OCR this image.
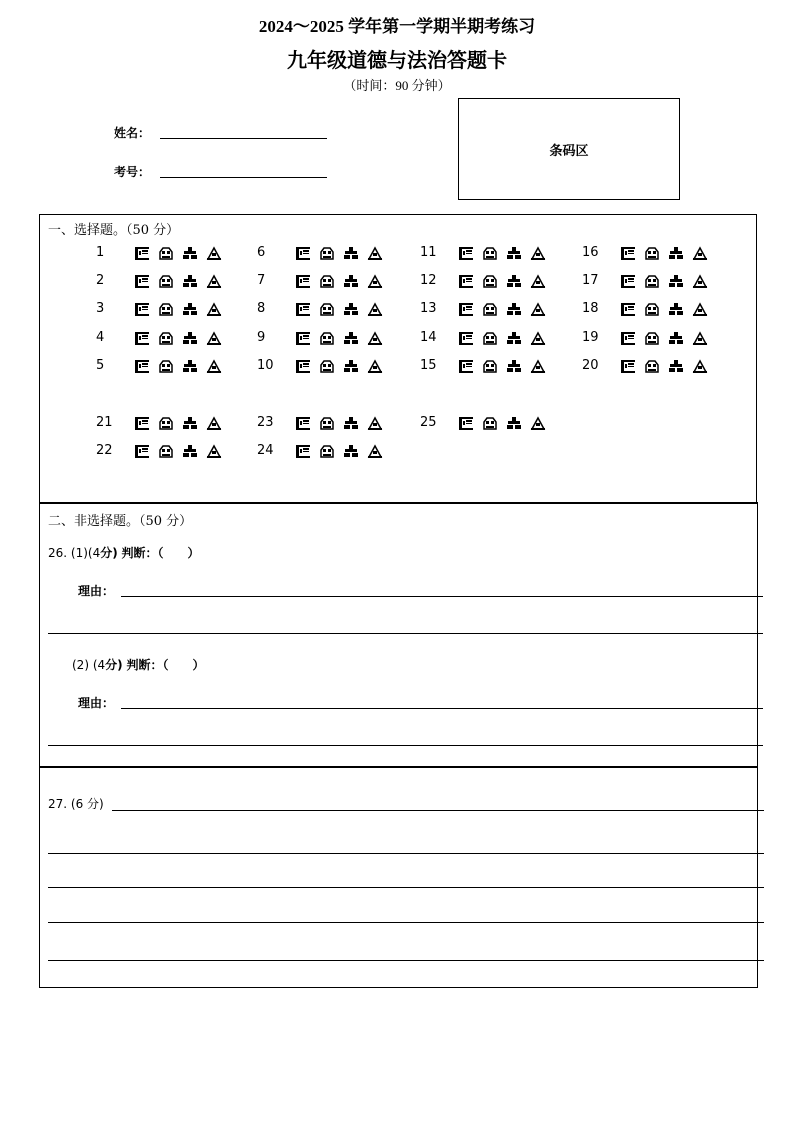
2024～2025 学年第一学期半期考练习
九年级道德与法治答题卡
（时间：90 分钟）
姓名：
考号：
条码区
一、选择题。（50 分）
1
2
3
4
5
6
7
8
9
10
11
12
13
14
15
16
17
18
19
20
21
22
23
24
25
二、非选择题。（50 分）
26. (1)(4分) 判断：（　　）
理由：
(2) (4分) 判断：（　　）
理由：
27. (6 分)
